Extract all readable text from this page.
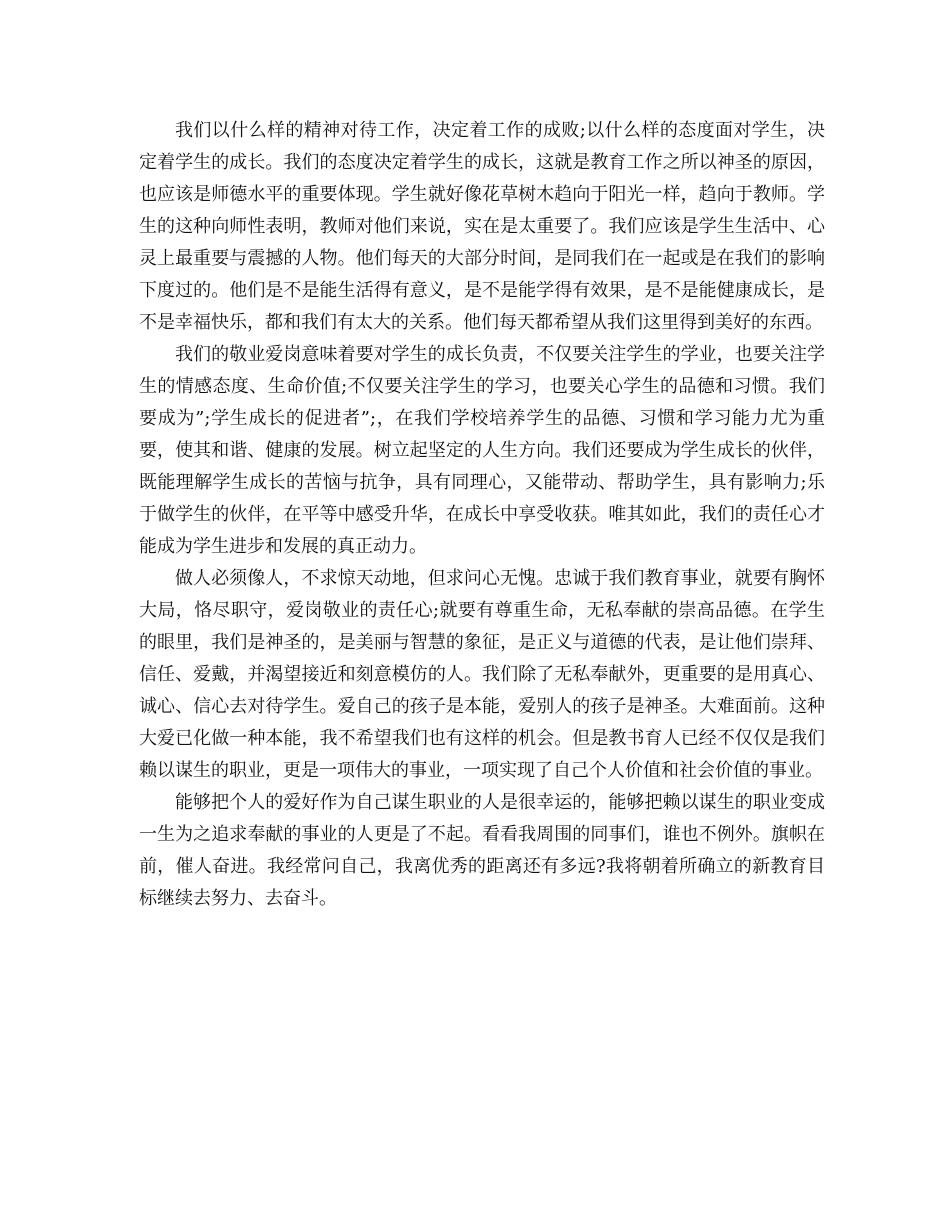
我们以什么样的精神对待工作，决定着工作的成败;以什么样的态度面对学生，决定着学生的成长。我们的态度决定着学生的成长，这就是教育工作之所以神圣的原因，也应该是师德水平的重要体现。学生就好像花草树木趋向于阳光一样，趋向于教师。学生的这种向师性表明，教师对他们来说，实在是太重要了。我们应该是学生生活中、心灵上最重要与震撼的人物。他们每天的大部分时间，是同我们在一起或是在我们的影响下度过的。他们是不是能生活得有意义，是不是能学得有效果，是不是能健康成长，是不是幸福快乐，都和我们有太大的关系。他们每天都希望从我们这里得到美好的东西。

我们的敬业爱岗意味着要对学生的成长负责，不仅要关注学生的学业，也要关注学生的情感态度、生命价值;不仅要关注学生的学习，也要关心学生的品德和习惯。我们要成为”;学生成长的促进者”;，在我们学校培养学生的品德、习惯和学习能力尤为重要，使其和谐、健康的发展。树立起坚定的人生方向。我们还要成为学生成长的伙伴，既能理解学生成长的苦恼与抗争，具有同理心，又能带动、帮助学生，具有影响力;乐于做学生的伙伴，在平等中感受升华，在成长中享受收获。唯其如此，我们的责任心才能成为学生进步和发展的真正动力。

做人必须像人，不求惊天动地，但求问心无愧。忠诚于我们教育事业，就要有胸怀大局，恪尽职守，爱岗敬业的责任心;就要有尊重生命，无私奉献的崇高品德。在学生的眼里，我们是神圣的，是美丽与智慧的象征，是正义与道德的代表，是让他们崇拜、信任、爱戴，并渴望接近和刻意模仿的人。我们除了无私奉献外，更重要的是用真心、诚心、信心去对待学生。爱自己的孩子是本能，爱别人的孩子是神圣。大难面前。这种大爱已化做一种本能，我不希望我们也有这样的机会。但是教书育人已经不仅仅是我们赖以谋生的职业，更是一项伟大的事业，一项实现了自己个人价值和社会价值的事业。

能够把个人的爱好作为自己谋生职业的人是很幸运的，能够把赖以谋生的职业变成一生为之追求奉献的事业的人更是了不起。看看我周围的同事们，谁也不例外。旗帜在前，催人奋进。我经常问自己，我离优秀的距离还有多远?我将朝着所确立的新教育目标继续去努力、去奋斗。
